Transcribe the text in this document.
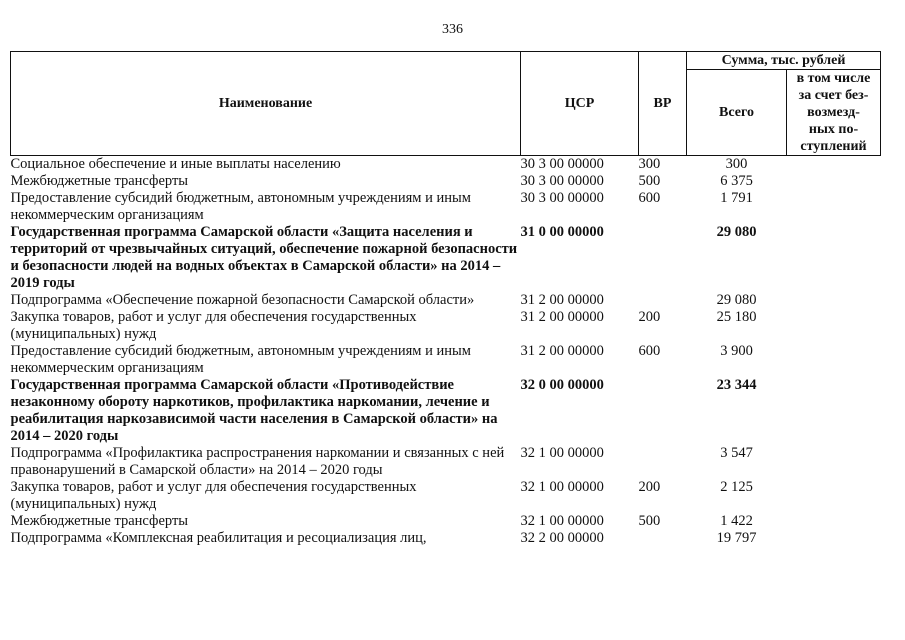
336
Наименование	ЦСР	ВР	Сумма, тыс. рублей	
			Всего	в том числе
за счет без-
возмезд-
ных по-
ступлений

Социальное обеспечение и иные выплаты населению	30 3 00 00000	300	300	
Межбюджетные трансферты	30 3 00 00000	500	6 375	
Предоставление субсидий бюджетным, автономным учреждениям и иным некоммерческим организациям	30 3 00 00000	600	1 791	
Государственная программа Самарской области «Защита населения и территорий от чрезвычайных ситуаций, обеспечение пожарной безопасности и безопасности людей на водных объектах в Самарской области» на 2014 – 2019 годы	31 0 00 00000		29 080	
Подпрограмма «Обеспечение пожарной безопасности Самарской области»	31 2 00 00000		29 080	
Закупка товаров, работ и услуг для обеспечения государственных (муниципальных) нужд	31 2 00 00000	200	25 180	
Предоставление субсидий бюджетным, автономным учреждениям и иным некоммерческим организациям	31 2 00 00000	600	3 900	
Государственная программа Самарской области «Противодействие незаконному обороту наркотиков, профилактика наркомании, лечение и реабилитация наркозависимой части населения в Самарской области» на 2014 – 2020 годы	32 0 00 00000		23 344	
Подпрограмма «Профилактика распространения наркомании и связанных с ней правонарушений в Самарской области» на 2014 – 2020 годы	32 1 00 00000		3 547	
Закупка товаров, работ и услуг для обеспечения государственных (муниципальных) нужд	32 1 00 00000	200	2 125	
Межбюджетные трансферты	32 1 00 00000	500	1 422	
Подпрограмма «Комплексная реабилитация и ресоциализация лиц,	32 2 00 00000		19 797	
